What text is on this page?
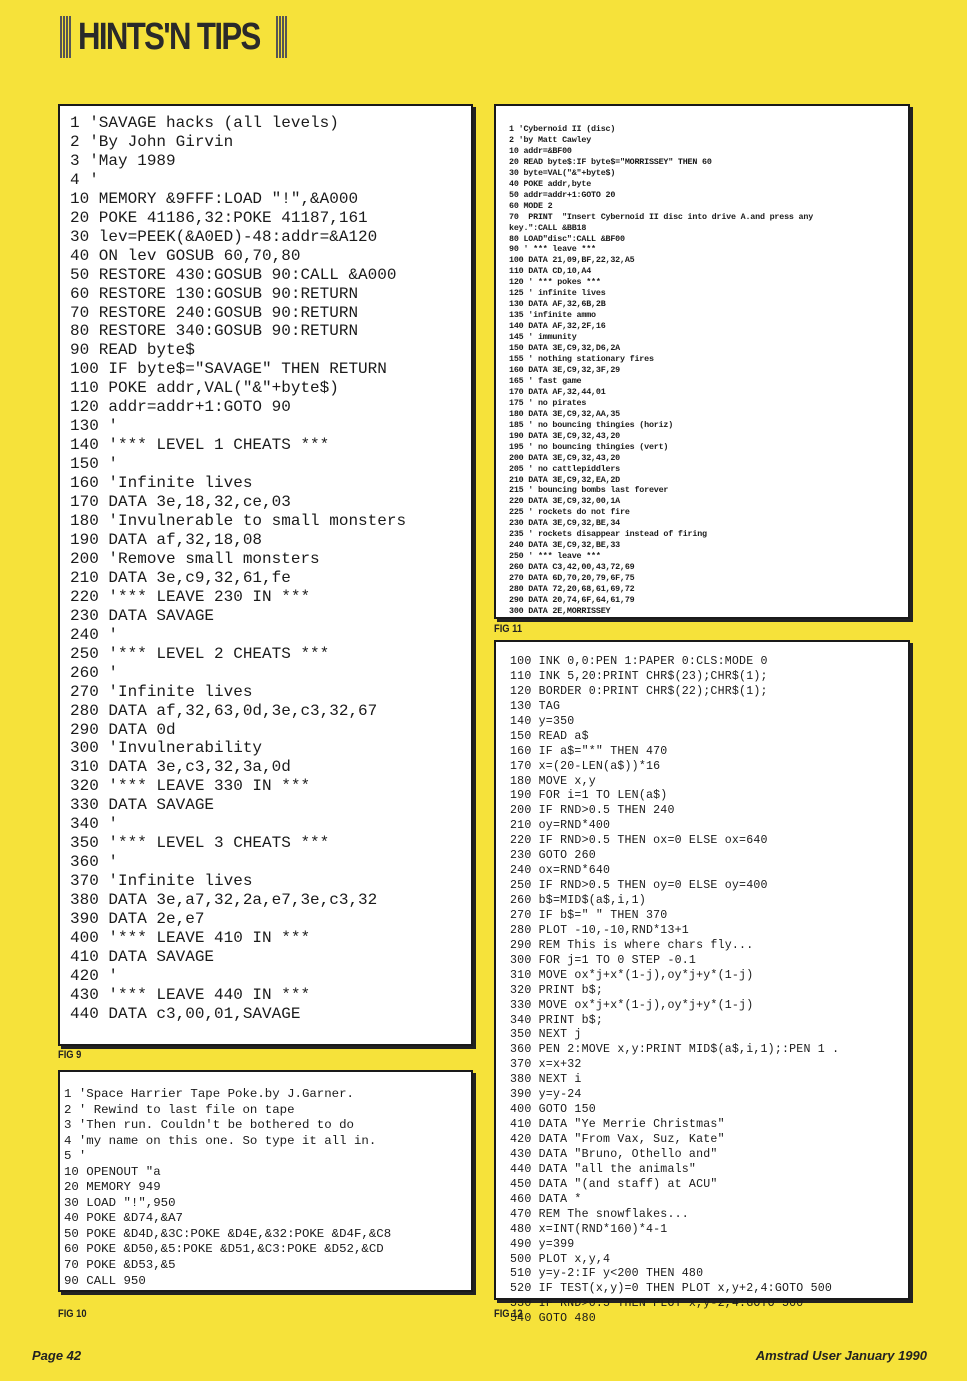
HINTS'N TIPS
1 'SAVAGE hacks (all levels)
2 'By John Girvin
3 'May 1989
4 '
10 MEMORY &9FFF:LOAD "!",&A000
20 POKE 41186,32:POKE 41187,161
30 lev=PEEK(&A0ED)-48:addr=&A120
40 ON lev GOSUB 60,70,80
50 RESTORE 430:GOSUB 90:CALL &A000
60 RESTORE 130:GOSUB 90:RETURN
70 RESTORE 240:GOSUB 90:RETURN
80 RESTORE 340:GOSUB 90:RETURN
90 READ byte$
100 IF byte$="SAVAGE" THEN RETURN
110 POKE addr,VAL("&"+byte$)
120 addr=addr+1:GOTO 90
130 '
140 '*** LEVEL 1 CHEATS ***
150 '
160 'Infinite lives
170 DATA 3e,18,32,ce,03
180 'Invulnerable to small monsters
190 DATA af,32,18,08
200 'Remove small monsters
210 DATA 3e,c9,32,61,fe
220 '*** LEAVE 230 IN ***
230 DATA SAVAGE
240 '
250 '*** LEVEL 2 CHEATS ***
260 '
270 'Infinite lives
280 DATA af,32,63,0d,3e,c3,32,67
290 DATA 0d
300 'Invulnerability
310 DATA 3e,c3,32,3a,0d
320 '*** LEAVE 330 IN ***
330 DATA SAVAGE
340 '
350 '*** LEVEL 3 CHEATS ***
360 '
370 'Infinite lives
380 DATA 3e,a7,32,2a,e7,3e,c3,32
390 DATA 2e,e7
400 '*** LEAVE 410 IN ***
410 DATA SAVAGE
420 '
430 '*** LEAVE 440 IN ***
440 DATA c3,00,01,SAVAGE
FIG 9
1 'Space Harrier Tape Poke.by J.Garner.
2 ' Rewind to last file on tape
3 'Then run. Couldn't be bothered to do
4 'my name on this one. So type it all in.
5 '
10 OPENOUT "a
20 MEMORY 949
30 LOAD "!",950
40 POKE &D74,&A7
50 POKE &D4D,&3C:POKE &D4E,&32:POKE &D4F,&C8
60 POKE &D50,&5:POKE &D51,&C3:POKE &D52,&CD
70 POKE &D53,&5
90 CALL 950
FIG 10
1 'Cybernoid II (disc)
2 'by Matt Cawley
10 addr=&BF00
20 READ byte$:IF byte$="MORRISSEY" THEN 60
30 byte=VAL("&"+byte$)
40 POKE addr,byte
50 addr=addr+1:GOTO 20
60 MODE 2
70  PRINT  "Insert Cybernoid II disc into drive A.and press any
key.":CALL &BB18
80 LOAD"disc":CALL &BF00
90 ' *** leave ***
100 DATA 21,09,BF,22,32,A5
110 DATA CD,10,A4
120 ' *** pokes ***
125 ' infinite lives
130 DATA AF,32,6B,2B
135 'infinite ammo
140 DATA AF,32,2F,16
145 ' immunity
150 DATA 3E,C9,32,D6,2A
155 ' nothing stationary fires
160 DATA 3E,C9,32,3F,29
165 ' fast game
170 DATA AF,32,44,01
175 ' no pirates
180 DATA 3E,C9,32,AA,35
185 ' no bouncing thingies (horiz)
190 DATA 3E,C9,32,43,20
195 ' no bouncing thingies (vert)
200 DATA 3E,C9,32,43,20
205 ' no cattlepiddlers
210 DATA 3E,C9,32,EA,2D
215 ' bouncing bombs last forever
220 DATA 3E,C9,32,00,1A
225 ' rockets do not fire
230 DATA 3E,C9,32,BE,34
235 ' rockets disappear instead of firing
240 DATA 3E,C9,32,BE,33
250 ' *** leave ***
260 DATA C3,42,00,43,72,69
270 DATA 6D,70,20,79,6F,75
280 DATA 72,20,68,61,69,72
290 DATA 20,74,6F,64,61,79
300 DATA 2E,MORRISSEY
FIG 11
100 INK 0,0:PEN 1:PAPER 0:CLS:MODE 0
110 INK 5,20:PRINT CHR$(23);CHR$(1);
120 BORDER 0:PRINT CHR$(22);CHR$(1);
130 TAG
140 y=350
150 READ a$
160 IF a$="*" THEN 470
170 x=(20-LEN(a$))*16
180 MOVE x,y
190 FOR i=1 TO LEN(a$)
200 IF RND>0.5 THEN 240
210 oy=RND*400
220 IF RND>0.5 THEN ox=0 ELSE ox=640
230 GOTO 260
240 ox=RND*640
250 IF RND>0.5 THEN oy=0 ELSE oy=400
260 b$=MID$(a$,i,1)
270 IF b$=" " THEN 370
280 PLOT -10,-10,RND*13+1
290 REM This is where chars fly...
300 FOR j=1 TO 0 STEP -0.1
310 MOVE ox*j+x*(1-j),oy*j+y*(1-j)
320 PRINT b$;
330 MOVE ox*j+x*(1-j),oy*j+y*(1-j)
340 PRINT b$;
350 NEXT j
360 PEN 2:MOVE x,y:PRINT MID$(a$,i,1);:PEN 1 .
370 x=x+32
380 NEXT i
390 y=y-24
400 GOTO 150
410 DATA "Ye Merrie Christmas"
420 DATA "From Vax, Suz, Kate"
430 DATA "Bruno, Othello and"
440 DATA "all the animals"
450 DATA "(and staff) at ACU"
460 DATA *
470 REM The snowflakes...
480 x=INT(RND*160)*4-1
490 y=399
500 PLOT x,y,4
510 y=y-2:IF y<200 THEN 480
520 IF TEST(x,y)=0 THEN PLOT x,y+2,4:GOTO 500
530 IF RND>0.5 THEN PLOT x,y-2,4:GOTO 500
540 GOTO 480
FIG 12
Page 42	Amstrad User January 1990
